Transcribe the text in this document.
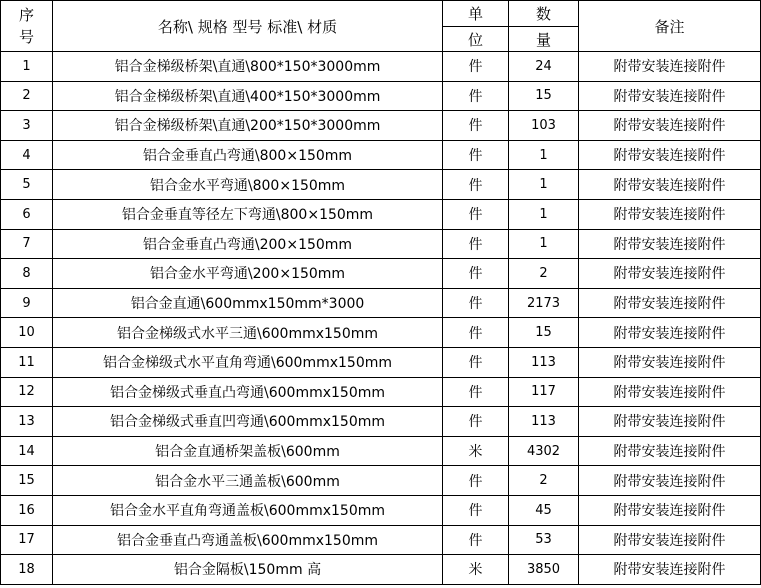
序号	名称\ 规格 型号 标准\ 材质	单	数	备注
		位	量	
1	铝合金梯级桥架\直通\800*150*3000mm	件	24	附带安装连接附件
2	铝合金梯级桥架\直通\400*150*3000mm	件	15	附带安装连接附件
3	铝合金梯级桥架\直通\200*150*3000mm	件	103	附带安装连接附件
4	铝合金垂直凸弯通\800×150mm	件	1	附带安装连接附件
5	铝合金水平弯通\800×150mm	件	1	附带安装连接附件
6	铝合金垂直等径左下弯通\800×150mm	件	1	附带安装连接附件
7	铝合金垂直凸弯通\200×150mm	件	1	附带安装连接附件
8	铝合金水平弯通\200×150mm	件	2	附带安装连接附件
9	铝合金直通\600mmx150mm*3000	件	2173	附带安装连接附件
10	铝合金梯级式水平三通\600mmx150mm	件	15	附带安装连接附件
11	铝合金梯级式水平直角弯通\600mmx150mm	件	113	附带安装连接附件
12	铝合金梯级式垂直凸弯通\600mmx150mm	件	117	附带安装连接附件
13	铝合金梯级式垂直凹弯通\600mmx150mm	件	113	附带安装连接附件
14	铝合金直通桥架盖板\600mm	米	4302	附带安装连接附件
15	铝合金水平三通盖板\600mm	件	2	附带安装连接附件
16	铝合金水平直角弯通盖板\600mmx150mm	件	45	附带安装连接附件
17	铝合金垂直凸弯通盖板\600mmx150mm	件	53	附带安装连接附件
18	铝合金隔板\150mm 高	米	3850	附带安装连接附件
